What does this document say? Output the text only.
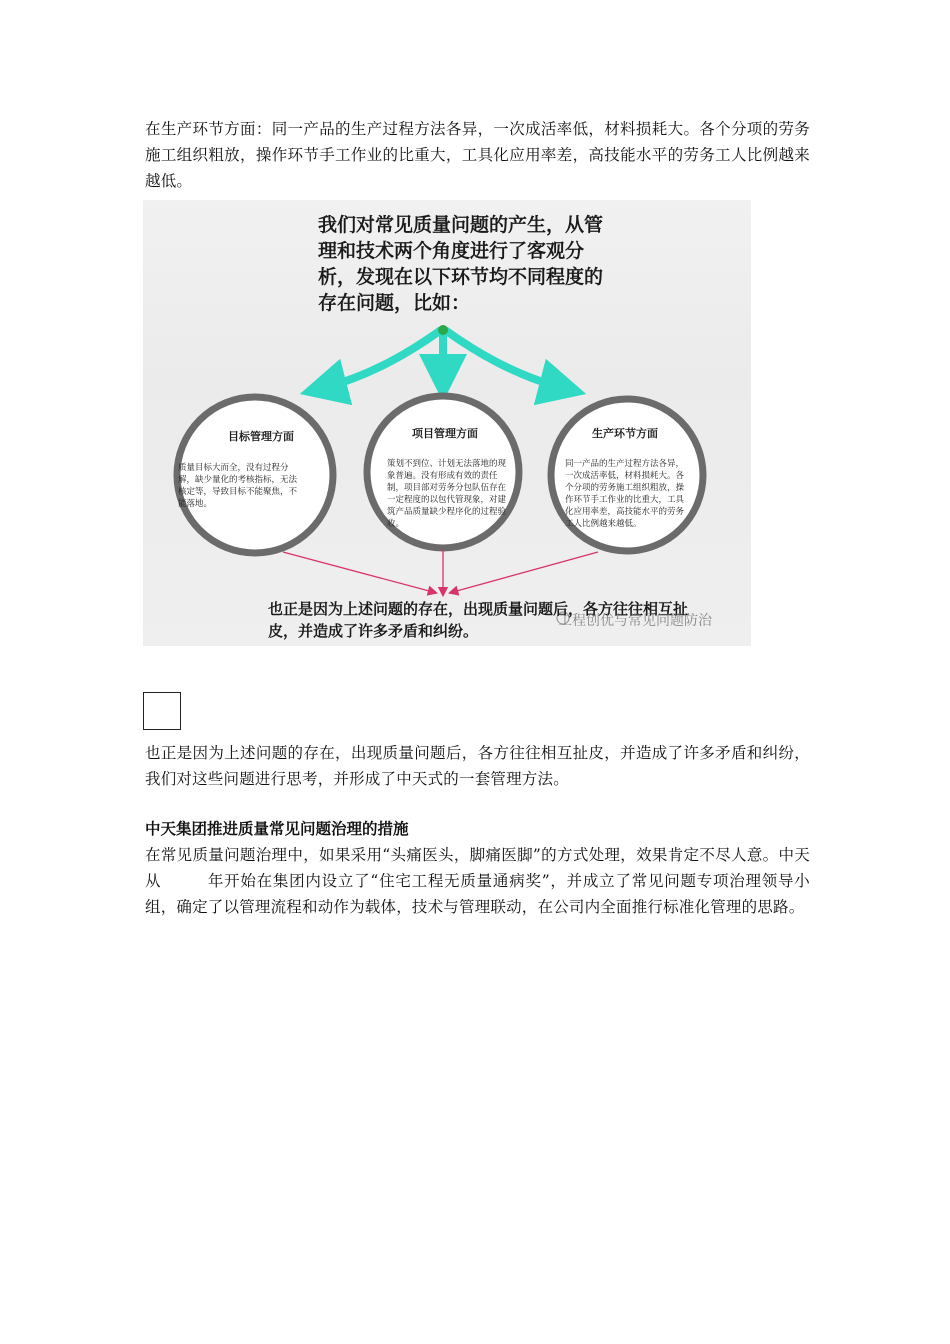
在生产环节方面：同一产品的生产过程方法各异，一次成活率低，材料损耗大。各个分项的劳务施工组织粗放，操作环节手工作业的比重大，工具化应用率差，高技能水平的劳务工人比例越来越低。

我们对常见质量问题的产生，从管理和技术两个角度进行了客观分析，发现在以下环节均不同程度的存在问题，比如：

目标管理方面

质量目标大而全，没有过程分解，缺少量化的考核指标，无法核定等，导致目标不能聚焦，不能落地。

项目管理方面

策划不到位、计划无法落地的现象普遍。没有形成有效的责任制，项目部对劳务分包队伍存在一定程度的以包代管现象，对建筑产品质量缺少程序化的过程验收。

生产环节方面

同一产品的生产过程方法各异，一次成活率低，材料损耗大。各个分项的劳务施工组织粗放，操作环节手工作业的比重大，工具化应用率差，高技能水平的劳务工人比例越来越低。

也正是因为上述问题的存在，出现质量问题后，各方往往相互扯皮，并造成了许多矛盾和纠纷。

工程创优与常见问题防治

也正是因为上述问题的存在，出现质量问题后，各方往往相互扯皮，并造成了许多矛盾和纠纷，我们对这些问题进行思考，并形成了中天式的一套管理方法。

中天集团推进质量常见问题治理的措施

在常见质量问题治理中，如果采用“头痛医头，脚痛医脚”的方式处理，效果肯定不尽人意。中天从	年开始在集团内设立了“住宅工程无质量通病奖”，并成立了常见问题专项治理领导小组，确定了以管理流程和动作为载体，技术与管理联动，在公司内全面推行标准化管理的思路。
